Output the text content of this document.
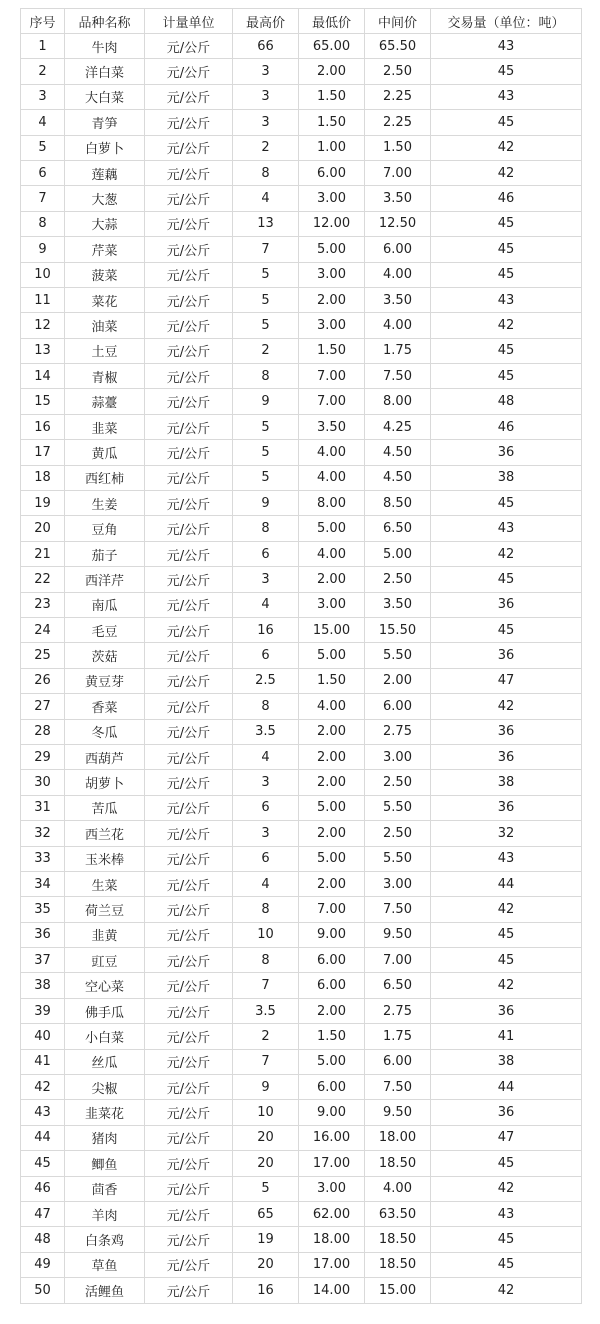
序号	品种名称	计量单位	最高价	最低价	中间价	交易量（单位：吨）
1	牛肉	元/公斤	66	65.00	65.50	43
2	洋白菜	元/公斤	3	2.00	2.50	45
3	大白菜	元/公斤	3	1.50	2.25	43
4	青笋	元/公斤	3	1.50	2.25	45
5	白萝卜	元/公斤	2	1.00	1.50	42
6	莲藕	元/公斤	8	6.00	7.00	42
7	大葱	元/公斤	4	3.00	3.50	46
8	大蒜	元/公斤	13	12.00	12.50	45
9	芹菜	元/公斤	7	5.00	6.00	45
10	菠菜	元/公斤	5	3.00	4.00	45
11	菜花	元/公斤	5	2.00	3.50	43
12	油菜	元/公斤	5	3.00	4.00	42
13	土豆	元/公斤	2	1.50	1.75	45
14	青椒	元/公斤	8	7.00	7.50	45
15	蒜薹	元/公斤	9	7.00	8.00	48
16	韭菜	元/公斤	5	3.50	4.25	46
17	黄瓜	元/公斤	5	4.00	4.50	36
18	西红柿	元/公斤	5	4.00	4.50	38
19	生姜	元/公斤	9	8.00	8.50	45
20	豆角	元/公斤	8	5.00	6.50	43
21	茄子	元/公斤	6	4.00	5.00	42
22	西洋芹	元/公斤	3	2.00	2.50	45
23	南瓜	元/公斤	4	3.00	3.50	36
24	毛豆	元/公斤	16	15.00	15.50	45
25	茨菇	元/公斤	6	5.00	5.50	36
26	黄豆芽	元/公斤	2.5	1.50	2.00	47
27	香菜	元/公斤	8	4.00	6.00	42
28	冬瓜	元/公斤	3.5	2.00	2.75	36
29	西葫芦	元/公斤	4	2.00	3.00	36
30	胡萝卜	元/公斤	3	2.00	2.50	38
31	苦瓜	元/公斤	6	5.00	5.50	36
32	西兰花	元/公斤	3	2.00	2.50	32
33	玉米棒	元/公斤	6	5.00	5.50	43
34	生菜	元/公斤	4	2.00	3.00	44
35	荷兰豆	元/公斤	8	7.00	7.50	42
36	韭黄	元/公斤	10	9.00	9.50	45
37	豇豆	元/公斤	8	6.00	7.00	45
38	空心菜	元/公斤	7	6.00	6.50	42
39	佛手瓜	元/公斤	3.5	2.00	2.75	36
40	小白菜	元/公斤	2	1.50	1.75	41
41	丝瓜	元/公斤	7	5.00	6.00	38
42	尖椒	元/公斤	9	6.00	7.50	44
43	韭菜花	元/公斤	10	9.00	9.50	36
44	猪肉	元/公斤	20	16.00	18.00	47
45	鲫鱼	元/公斤	20	17.00	18.50	45
46	茴香	元/公斤	5	3.00	4.00	42
47	羊肉	元/公斤	65	62.00	63.50	43
48	白条鸡	元/公斤	19	18.00	18.50	45
49	草鱼	元/公斤	20	17.00	18.50	45
50	活鲤鱼	元/公斤	16	14.00	15.00	42
